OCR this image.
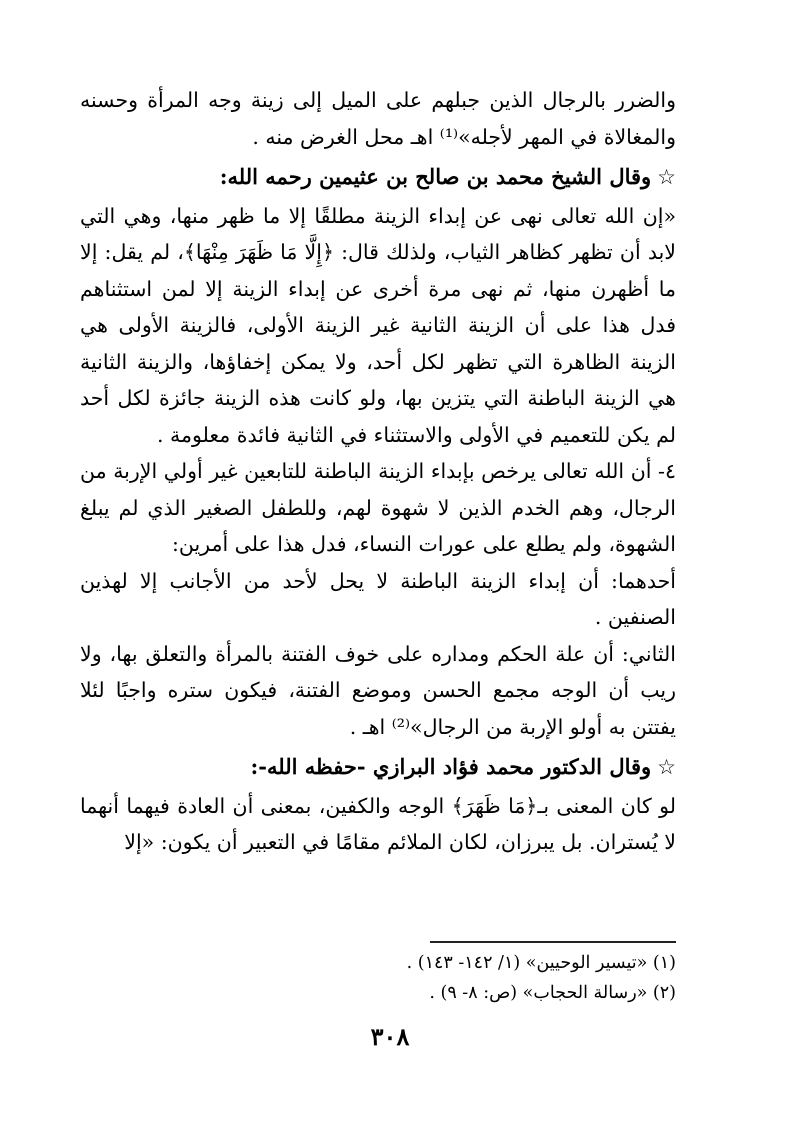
والضرر بالرجال الذين جبلهم على الميل إلى زينة وجه المرأة وحسنه والمغالاة في المهر لأجله»⁽¹⁾ اهـ محل الغرض منه .

☆وقال الشيخ محمد بن صالح بن عثيمين رحمه الله:

«إن الله تعالى نهى عن إبداء الزينة مطلقًا إلا ما ظهر منها، وهي التي لابد أن تظهر كظاهر الثياب، ولذلك قال: ﴿إِلَّا مَا ظَهَرَ مِنْهَا﴾، لم يقل: إلا ما أظهرن منها، ثم نهى مرة أخرى عن إبداء الزينة إلا لمن استثناهم فدل هذا على أن الزينة الثانية غير الزينة الأولى، فالزينة الأولى هي الزينة الظاهرة التي تظهر لكل أحد، ولا يمكن إخفاؤها، والزينة الثانية هي الزينة الباطنة التي يتزين بها، ولو كانت هذه الزينة جائزة لكل أحد لم يكن للتعميم في الأولى والاستثناء في الثانية فائدة معلومة .

٤- أن الله تعالى يرخص بإبداء الزينة الباطنة للتابعين غير أولي الإربة من الرجال، وهم الخدم الذين لا شهوة لهم، وللطفل الصغير الذي لم يبلغ الشهوة، ولم يطلع على عورات النساء، فدل هذا على أمرين:

أحدهما: أن إبداء الزينة الباطنة لا يحل لأحد من الأجانب إلا لهذين الصنفين .

الثاني: أن علة الحكم ومداره على خوف الفتنة بالمرأة والتعلق بها، ولا ريب أن الوجه مجمع الحسن وموضع الفتنة، فيكون ستره واجبًا لئلا يفتتن به أولو الإربة من الرجال»⁽²⁾ اهـ .

☆وقال الدكتور محمد فؤاد البرازي -حفظه الله-:

لو كان المعنى بـ﴿مَا ظَهَرَ﴾ الوجه والكفين، بمعنى أن العادة فيهما أنهما لا يُستران. بل يبرزان، لكان الملائم مقامًا في التعبير أن يكون: «إلا

(١) «تيسير الوحيين» (١/ ١٤٢- ١٤٣) .
(٢) «رسالة الحجاب» (ص: ٨- ٩) .
٣٠٨
